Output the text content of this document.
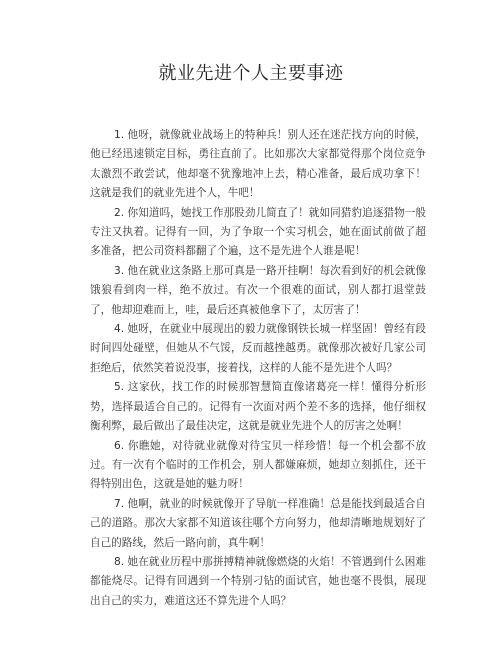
就业先进个人主要事迹

1. 他呀，就像就业战场上的特种兵！别人还在迷茫找方向的时候，他已经迅速锁定目标，勇往直前了。比如那次大家都觉得那个岗位竞争太激烈不敢尝试，他却毫不犹豫地冲上去，精心准备，最后成功拿下！这就是我们的就业先进个人，牛吧！

2. 你知道吗，她找工作那股劲儿简直了！就如同猎豹追逐猎物一般专注又执着。记得有一回，为了争取一个实习机会，她在面试前做了超多准备，把公司资料都翻了个遍，这不是先进个人谁是呢！

3. 他在就业这条路上那可真是一路开挂啊！每次看到好的机会就像饿狼看到肉一样，绝不放过。有次一个很难的面试，别人都打退堂鼓了，他却迎难而上，哇，最后还真被他拿下了，太厉害了！

4. 她呀，在就业中展现出的毅力就像钢铁长城一样坚固！曾经有段时间四处碰壁，但她从不气馁，反而越挫越勇。就像那次被好几家公司拒绝后，依然笑着说没事，接着找，这样的人能不是先进个人吗？

5. 这家伙，找工作的时候那智慧简直像诸葛亮一样！懂得分析形势，选择最适合自己的。记得有一次面对两个差不多的选择，他仔细权衡利弊，最后做出了最佳决定，这就是就业先进个人的厉害之处啊！

6. 你瞧她，对待就业就像对待宝贝一样珍惜！每一个机会都不放过。有一次有个临时的工作机会，别人都嫌麻烦，她却立刻抓住，还干得特别出色，这就是她的魅力呀！

7. 他啊，就业的时候就像开了导航一样准确！总是能找到最适合自己的道路。那次大家都不知道该往哪个方向努力，他却清晰地规划好了自己的路线，然后一路向前，真牛啊！

8. 她在就业历程中那拼搏精神就像燃烧的火焰！不管遇到什么困难都能烧尽。记得有回遇到一个特别刁钻的面试官，她也毫不畏惧，展现出自己的实力，难道这还不算先进个人吗？
